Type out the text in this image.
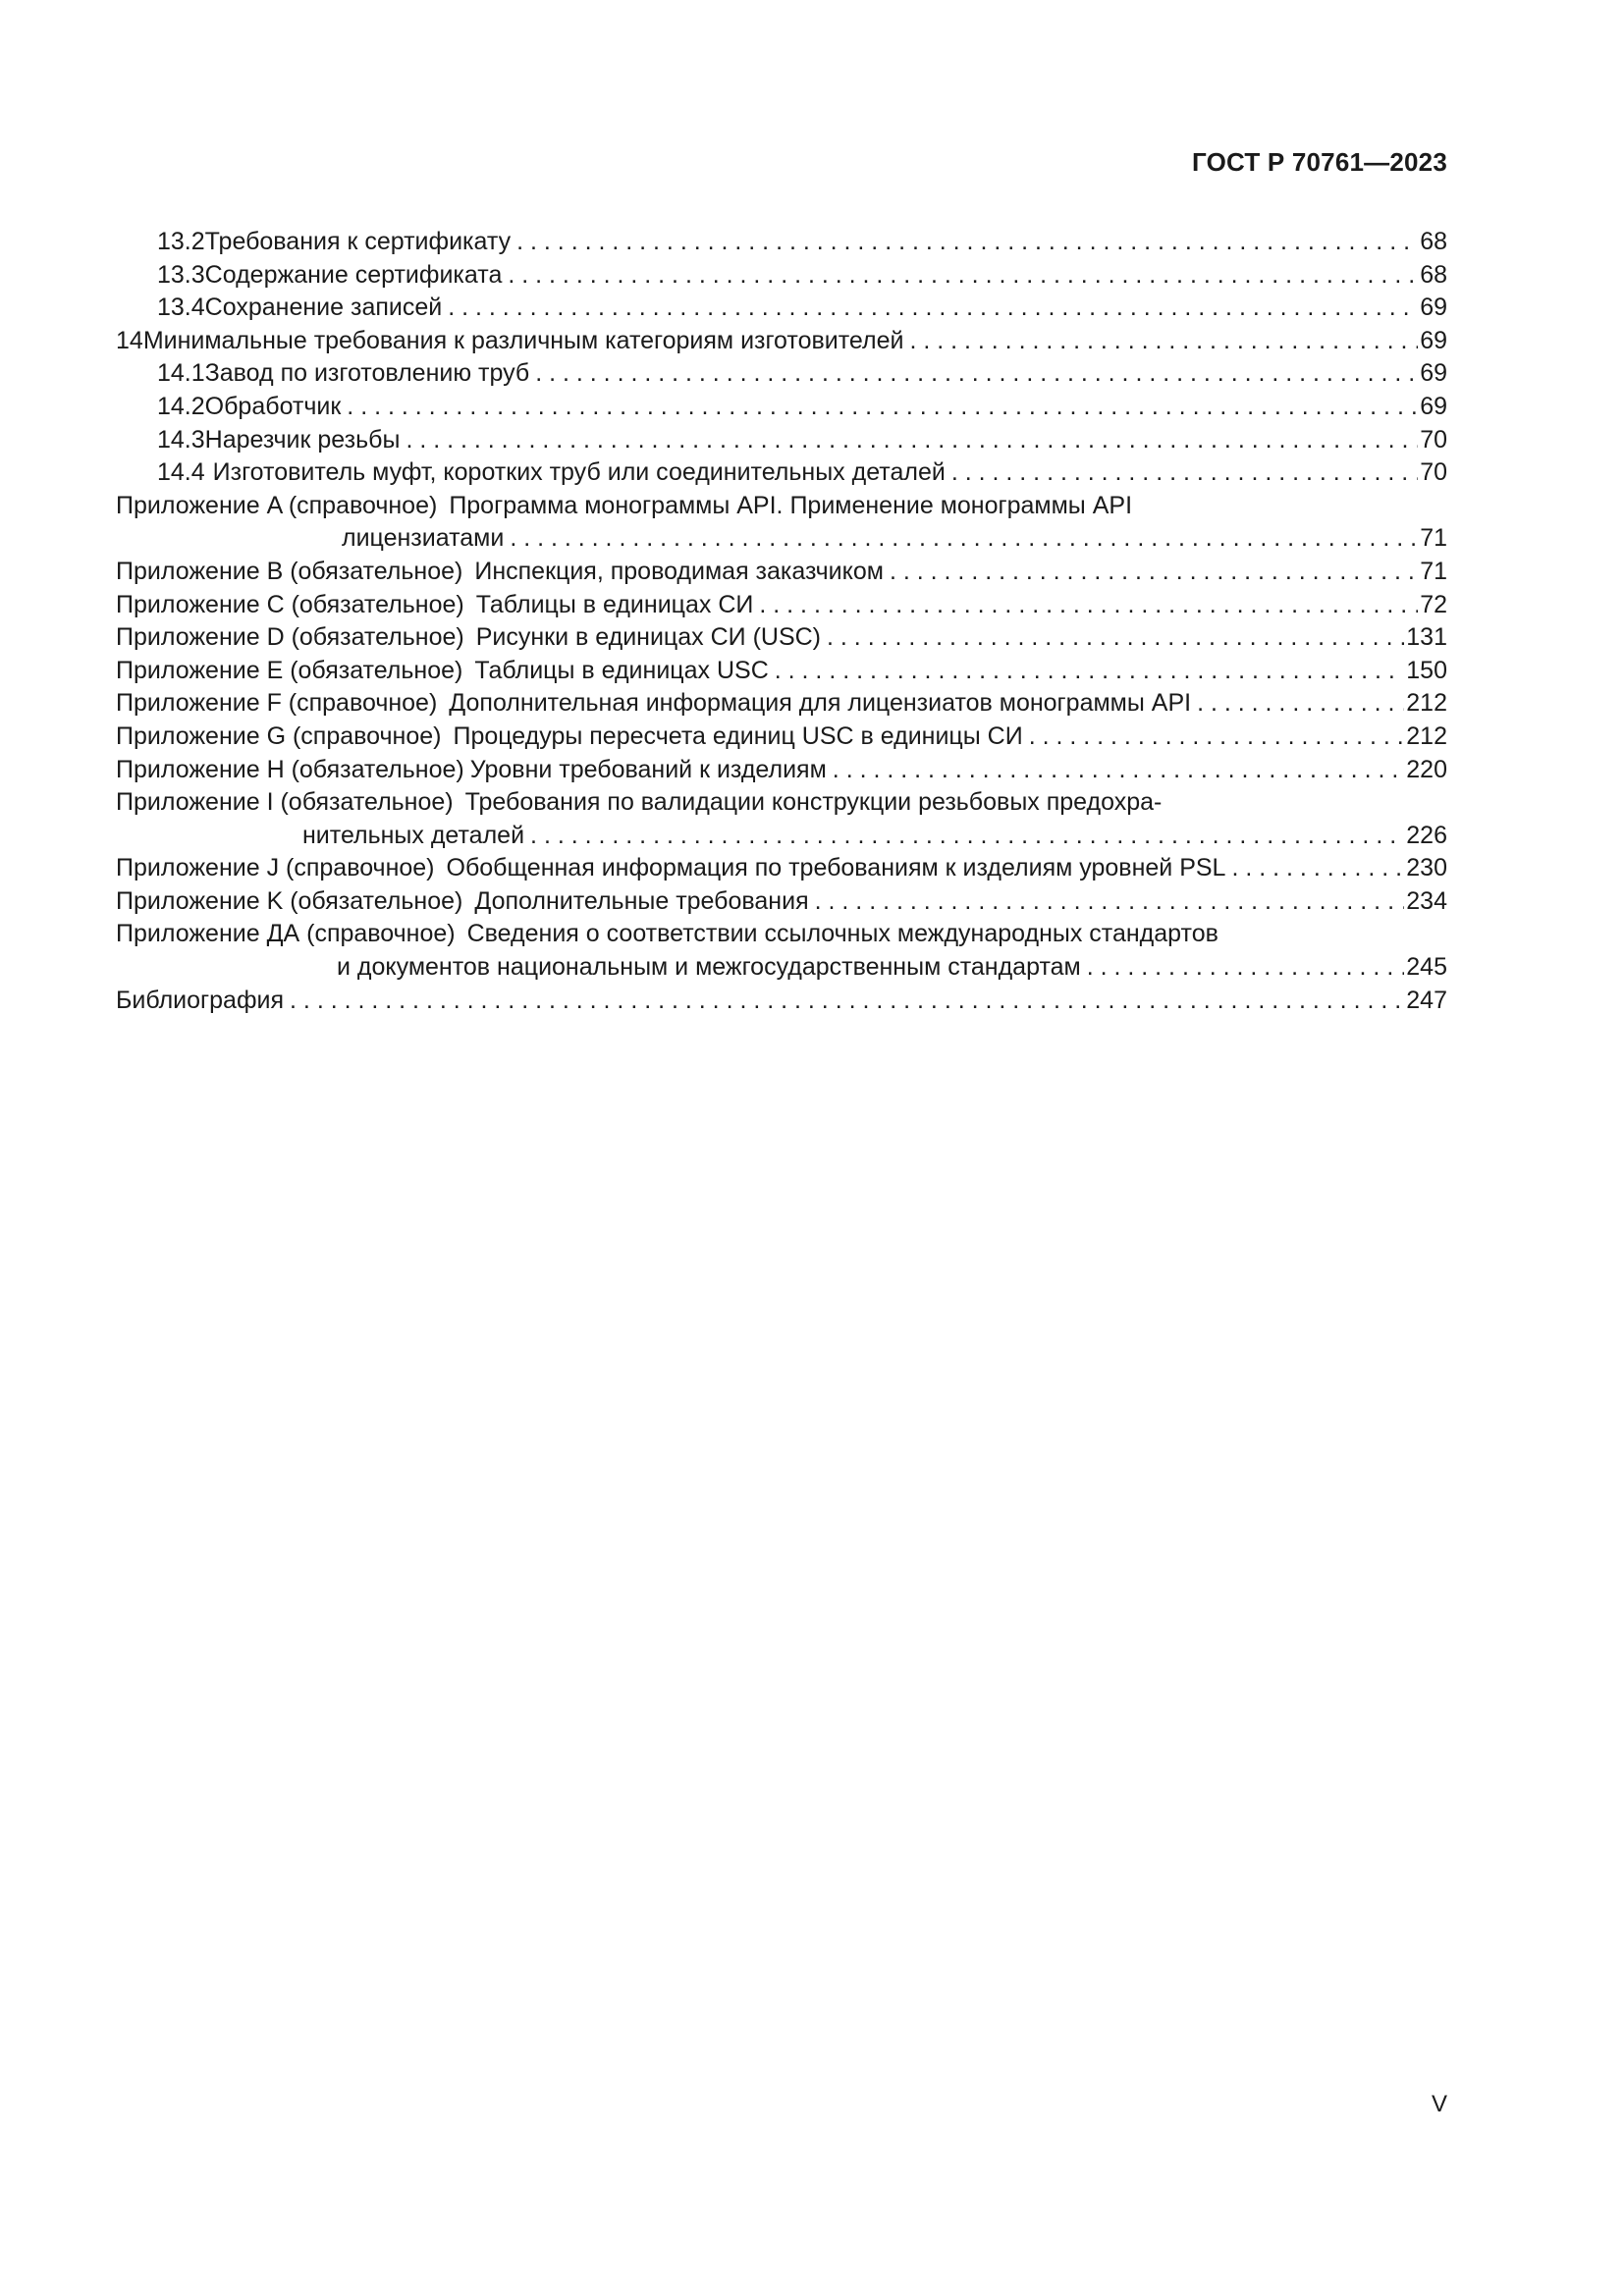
ГОСТ Р 70761—2023
13.2 Требования к сертификату . . .	68
13.3 Содержание сертификата . . .	68
13.4 Сохранение записей . . .	69
14 Минимальные требования к различным категориям изготовителей . . .	69
14.1 Завод по изготовлению труб . . .	69
14.2 Обработчик . . .	69
14.3 Нарезчик резьбы . . .	70
14.4 Изготовитель муфт, коротких труб или соединительных деталей . . .	70
Приложение A (справочное) Программа монограммы API. Применение монограммы API
лицензиатами . . .	71
Приложение B (обязательное) Инспекция, проводимая заказчиком . . .	71
Приложение C (обязательное) Таблицы в единицах СИ . . .	72
Приложение D (обязательное) Рисунки в единицах СИ (USC) . . .	131
Приложение E (обязательное) Таблицы в единицах USC . . .	150
Приложение F (справочное) Дополнительная информация для лицензиатов монограммы API . . .	212
Приложение G (справочное) Процедуры пересчета единиц USC в единицы СИ . . .	212
Приложение H (обязательное) Уровни требований к изделиям . . .	220
Приложение I (обязательное) Требования по валидации конструкции резьбовых предохра-
нительных деталей . . .	226
Приложение J (справочное) Обобщенная информация по требованиям к изделиям уровней PSL . . .	230
Приложение K (обязательное) Дополнительные требования . . .	234
Приложение ДА (справочное) Сведения о соответствии ссылочных международных стандартов
и документов национальным и межгосударственным стандартам . . .	245
Библиография . . .	247
V
